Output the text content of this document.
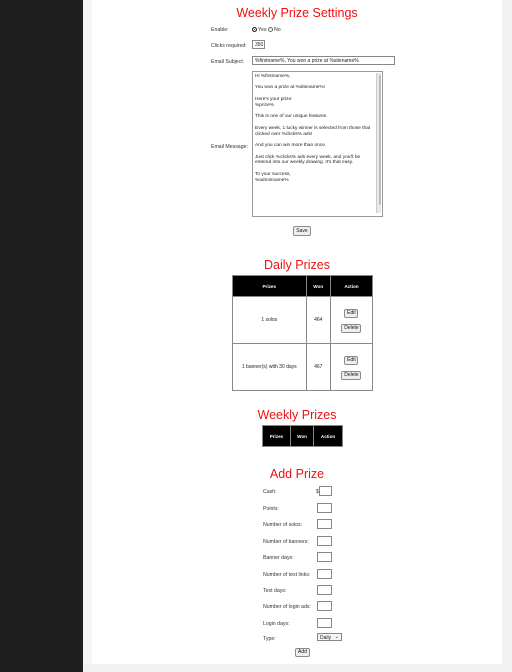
Weekly Prize Settings
Enable:	Yes No
Clicks required:	350
Email Subject:	%firstname%, You won a prize at %sitename%
Email Message:
Hi %firstname%,
You won a prize at %sitename%!
Here's your prize:
%prize%
This is one of our unique features.
Every week, 1 lucky winner is selected from those that
clicked over %clicks% ads!
And you can win more than once.
Just click %clicks% ads every week, and you'll be
entered into our weekly drawing. It's that easy.
To your success,
%adminname%
Save
Daily Prizes
Prizes	Won	Action
1 solos	464	Edit
Delete
1 banner(s) with 30 days	467	Edit
Delete
Weekly Prizes
Prizes	Won	Action
Add Prize
Cash:	$
Points:
Number of solos:
Number of banners:
Banner days:
Number of text links:
Text days:
Number of login ads:
Login days:
Type:	Daily ⌄
Add
